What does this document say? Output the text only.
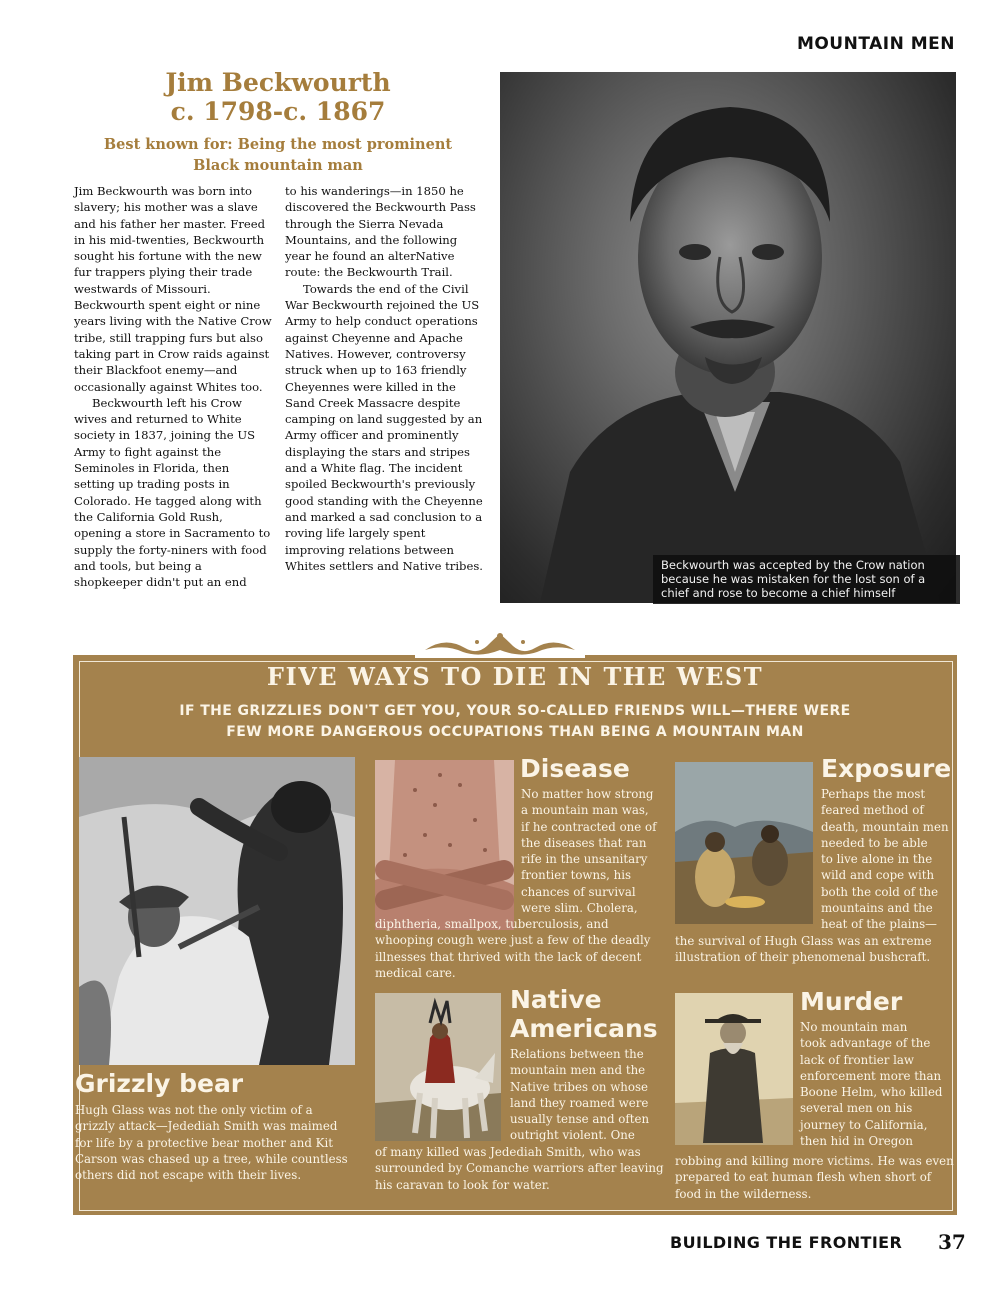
MOUNTAIN MEN
Jim Beckwourth
c. 1798-c. 1867
Best known for: Being the most prominent
Black mountain man

Jim Beckwourth was born into slavery; his mother was a slave and his father her master. Freed in his mid-twenties, Beckwourth sought his fortune with the new fur trappers plying their trade westwards of Missouri. Beckwourth spent eight or nine years living with the Native Crow tribe, still trapping furs but also taking part in Crow raids against their Blackfoot enemy—and occasionally against Whites too.

Beckwourth left his Crow wives and returned to White society in 1837, joining the US Army to fight against the Seminoles in Florida, then setting up trading posts in Colorado. He tagged along with the California Gold Rush, opening a store in Sacramento to supply the forty-niners with food and tools, but being a shopkeeper didn't put an end

to his wanderings—in 1850 he discovered the Beckwourth Pass through the Sierra Nevada Mountains, and the following year he found an alterNative route: the Beckwourth Trail.

Towards the end of the Civil War Beckwourth rejoined the US Army to help conduct operations against Cheyenne and Apache Natives. However, controversy struck when up to 163 friendly Cheyennes were killed in the Sand Creek Massacre despite camping on land suggested by an Army officer and prominently displaying the stars and stripes and a White flag. The incident spoiled Beckwourth's previously good standing with the Cheyenne and marked a sad conclusion to a roving life largely spent improving relations between Whites settlers and Native tribes.	Beckwourth was accepted by the Crow nation because he was mistaken for the lost son of a chief and rose to become a chief himself
FIVE WAYS TO DIE IN THE WEST
IF THE GRIZZLIES DON'T GET YOU, YOUR SO-CALLED FRIENDS WILL—THERE WERE
FEW MORE DANGEROUS OCCUPATIONS THAN BEING A MOUNTAIN MAN
Grizzly bear
Hugh Glass was not the only victim of a grizzly attack—Jedediah Smith was maimed for life by a protective bear mother and Kit Carson was chased up a tree, while countless others did not escape with their lives.
Disease
No matter how strong
a mountain man was,
if he contracted one of
the diseases that ran
rife in the unsanitary
frontier towns, his
chances of survival
were slim. Cholera,
diphtheria, smallpox, tuberculosis, and whooping cough were just a few of the deadly illnesses that thrived with the lack of decent medical care.
Exposure
Perhaps the most
feared method of
death, mountain men
needed to be able
to live alone in the
wild and cope with
both the cold of the
mountains and the
heat of the plains—
the survival of Hugh Glass was an extreme illustration of their phenomenal bushcraft.
Native
Americans
Relations between the
mountain men and the
Native tribes on whose
land they roamed were
usually tense and often
outright violent. One
of many killed was Jedediah Smith, who was surrounded by Comanche warriors after leaving his caravan to look for water.
Murder
No mountain man
took advantage of the
lack of frontier law
enforcement more than
Boone Helm, who killed
several men on his
journey to California,
then hid in Oregon
robbing and killing more victims. He was even prepared to eat human flesh when short of food in the wilderness.
BUILDING THE FRONTIER 37
